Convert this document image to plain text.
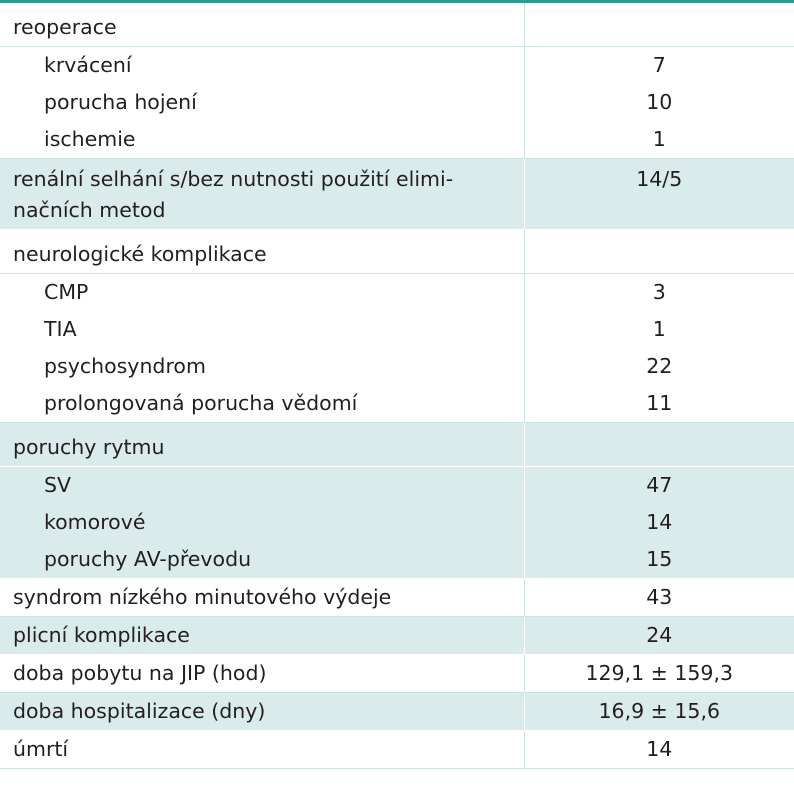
reoperace	
krvácení	7
porucha hojení	10
ischemie	1

renální selhání s/bez nutnosti použití elimi-
načních metod	14/5
neurologické komplikace	
CMP	3
TIA	1
psychosyndrom	22
prolongovaná porucha vědomí	11
poruchy rytmu	
SV	47
komorové	14
poruchy AV-převodu	15
syndrom nízkého minutového výdeje	43
plicní komplikace	24
doba pobytu na JIP (hod)	129,1 ± 159,3
doba hospitalizace (dny)	16,9 ± 15,6
úmrtí	14
